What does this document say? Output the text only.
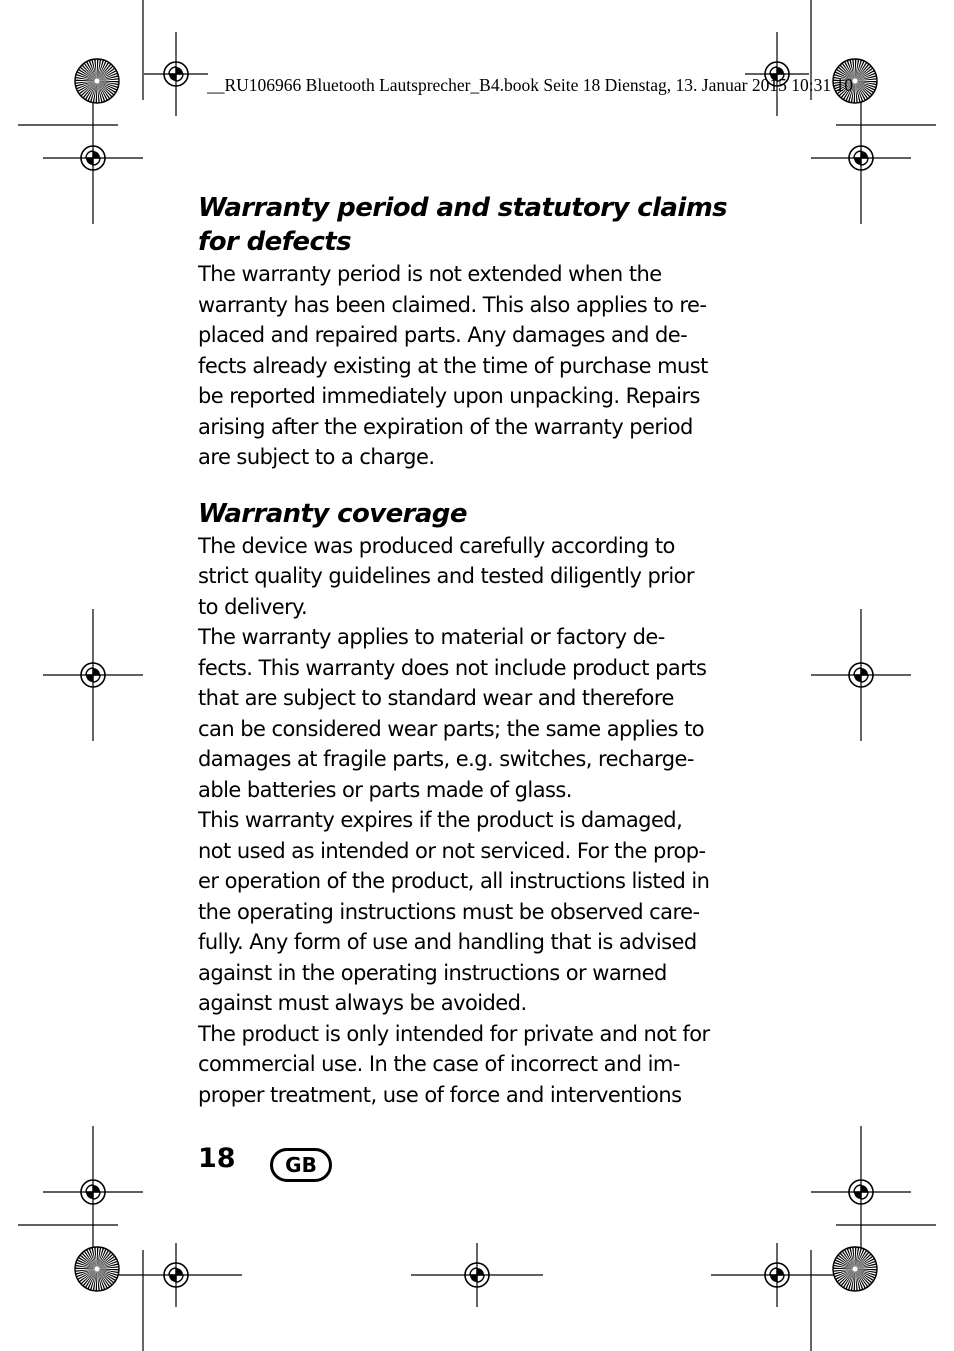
__RU106966 Bluetooth Lautsprecher_B4.book Seite 18 Dienstag, 13. Januar 2015 10:31 10
Warranty period and statutory claims
for defects

The warranty period is not extended when the

warranty has been claimed. This also applies to re-

placed and repaired parts. Any damages and de-

fects already existing at the time of purchase must

be reported immediately upon unpacking. Repairs

arising after the expiration of the warranty period

are subject to a charge.

Warranty coverage

The device was produced carefully according to

strict quality guidelines and tested diligently prior

to delivery.

The warranty applies to material or factory de-

fects. This warranty does not include product parts

that are subject to standard wear and therefore

can be considered wear parts; the same applies to

damages at fragile parts, e.g. switches, recharge-

able batteries or parts made of glass.

This warranty expires if the product is damaged,

not used as intended or not serviced. For the prop-

er operation of the product, all instructions listed in

the operating instructions must be observed care-

fully. Any form of use and handling that is advised

against in the operating instructions or warned

against must always be avoided.

The product is only intended for private and not for

commercial use. In the case of incorrect and im-

proper treatment, use of force and interventions

18	GB
